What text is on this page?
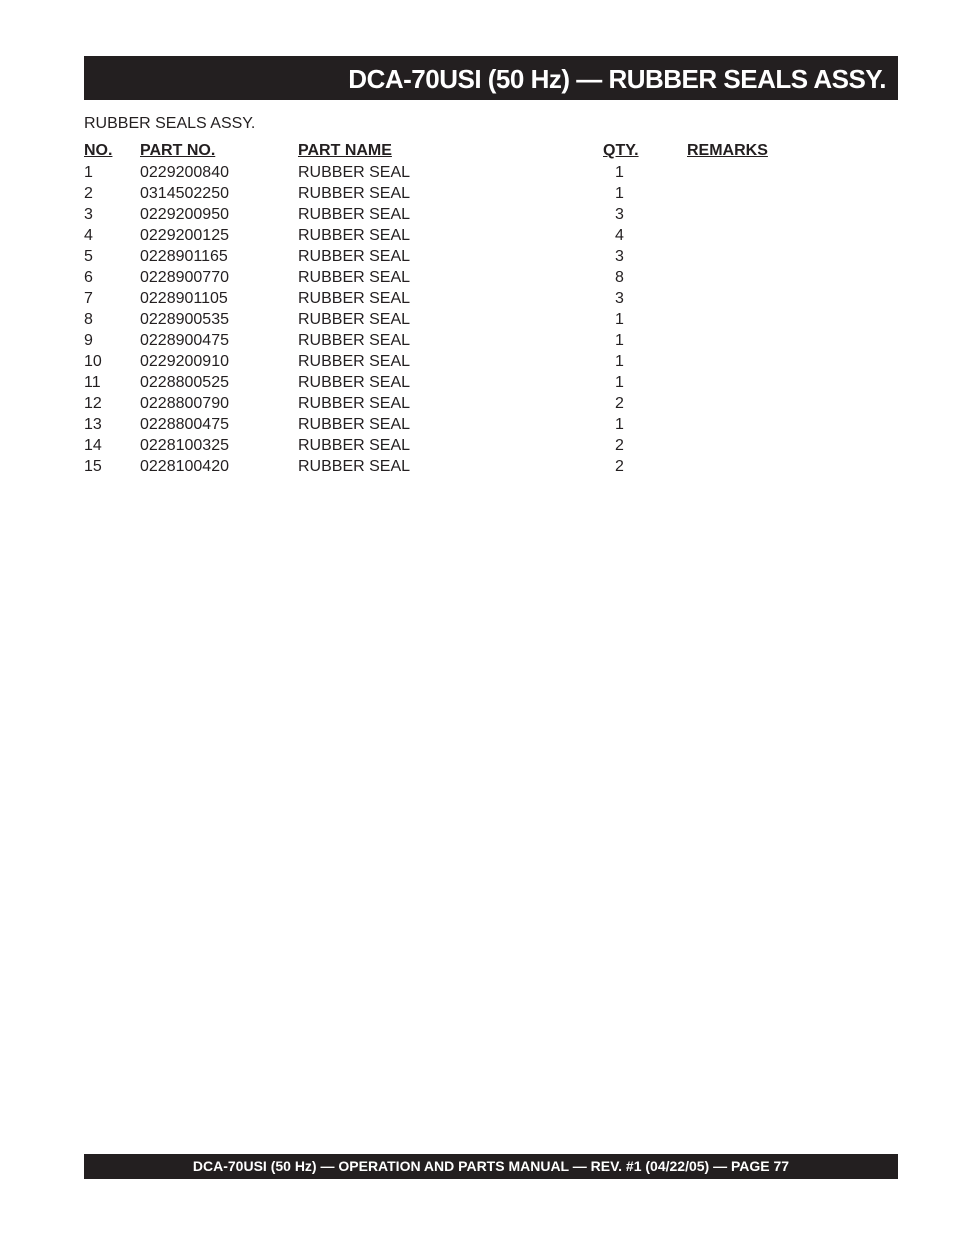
DCA-70USI (50 Hz) — RUBBER SEALS ASSY.
RUBBER SEALS ASSY.
NO.	PART NO.	PART NAME	QTY.	REMARKS
1	0229200840	RUBBER SEAL	1	
2	0314502250	RUBBER SEAL	1	
3	0229200950	RUBBER SEAL	3	
4	0229200125	RUBBER SEAL	4	
5	0228901165	RUBBER SEAL	3	
6	0228900770	RUBBER SEAL	8	
7	0228901105	RUBBER SEAL	3	
8	0228900535	RUBBER SEAL	1	
9	0228900475	RUBBER SEAL	1	
10	0229200910	RUBBER SEAL	1	
11	0228800525	RUBBER SEAL	1	
12	0228800790	RUBBER SEAL	2	
13	0228800475	RUBBER SEAL	1	
14	0228100325	RUBBER SEAL	2	
15	0228100420	RUBBER SEAL	2	
DCA-70USI (50 Hz) — OPERATION AND PARTS MANUAL — REV. #1 (04/22/05) — PAGE 77
